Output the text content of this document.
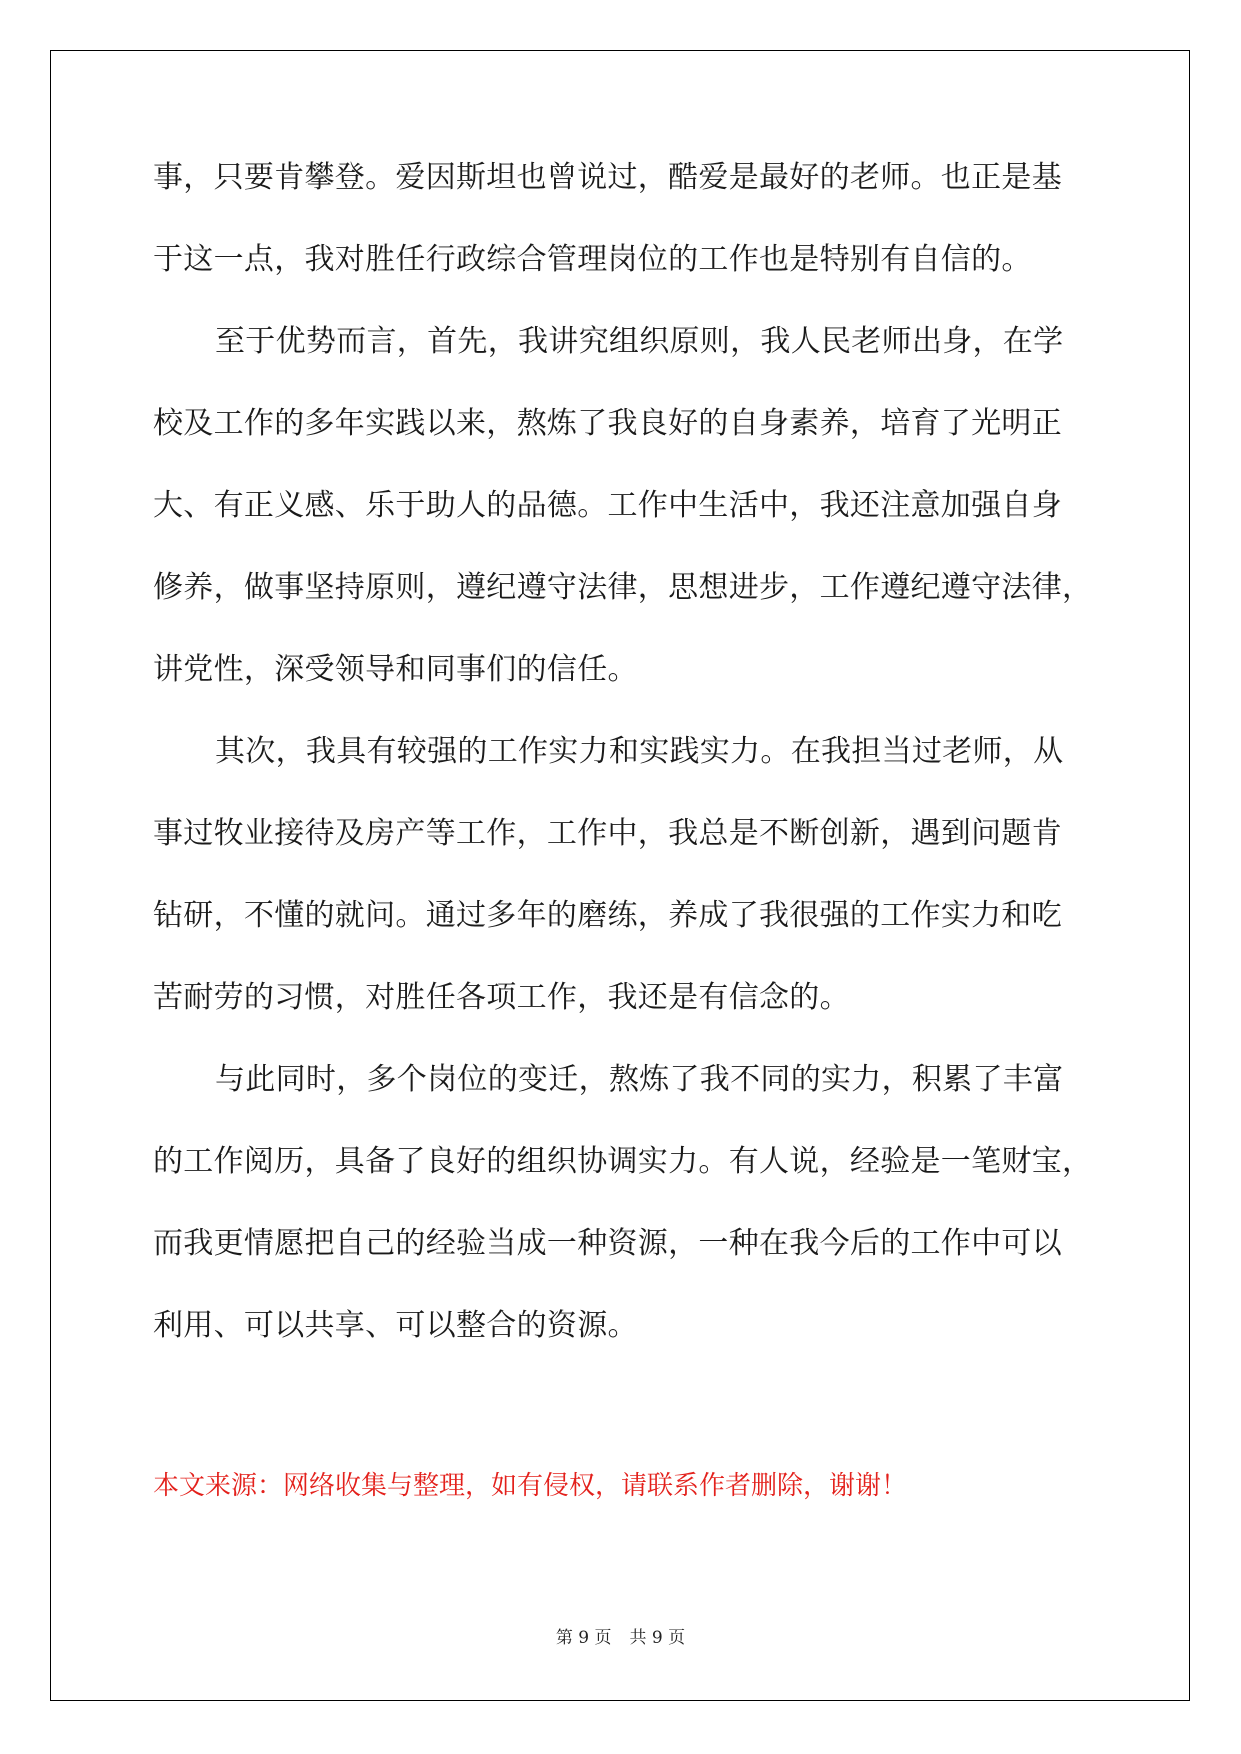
事，只要肯攀登。爱因斯坦也曾说过，酷爱是最好的老师。也正是基
于这一点，我对胜任行政综合管理岗位的工作也是特别有自信的。
至于优势而言，首先，我讲究组织原则，我人民老师出身，在学
校及工作的多年实践以来，熬炼了我良好的自身素养，培育了光明正
大、有正义感、乐于助人的品德。工作中生活中，我还注意加强自身
修养，做事坚持原则，遵纪遵守法律，思想进步，工作遵纪遵守法律，
讲党性，深受领导和同事们的信任。
其次，我具有较强的工作实力和实践实力。在我担当过老师，从
事过牧业接待及房产等工作，工作中，我总是不断创新，遇到问题肯
钻研，不懂的就问。通过多年的磨练，养成了我很强的工作实力和吃
苦耐劳的习惯，对胜任各项工作，我还是有信念的。
与此同时，多个岗位的变迁，熬炼了我不同的实力，积累了丰富
的工作阅历，具备了良好的组织协调实力。有人说，经验是一笔财宝，
而我更情愿把自己的经验当成一种资源，一种在我今后的工作中可以
利用、可以共享、可以整合的资源。
本文来源：网络收集与整理，如有侵权，请联系作者删除，谢谢！
第 9 页 共 9 页
